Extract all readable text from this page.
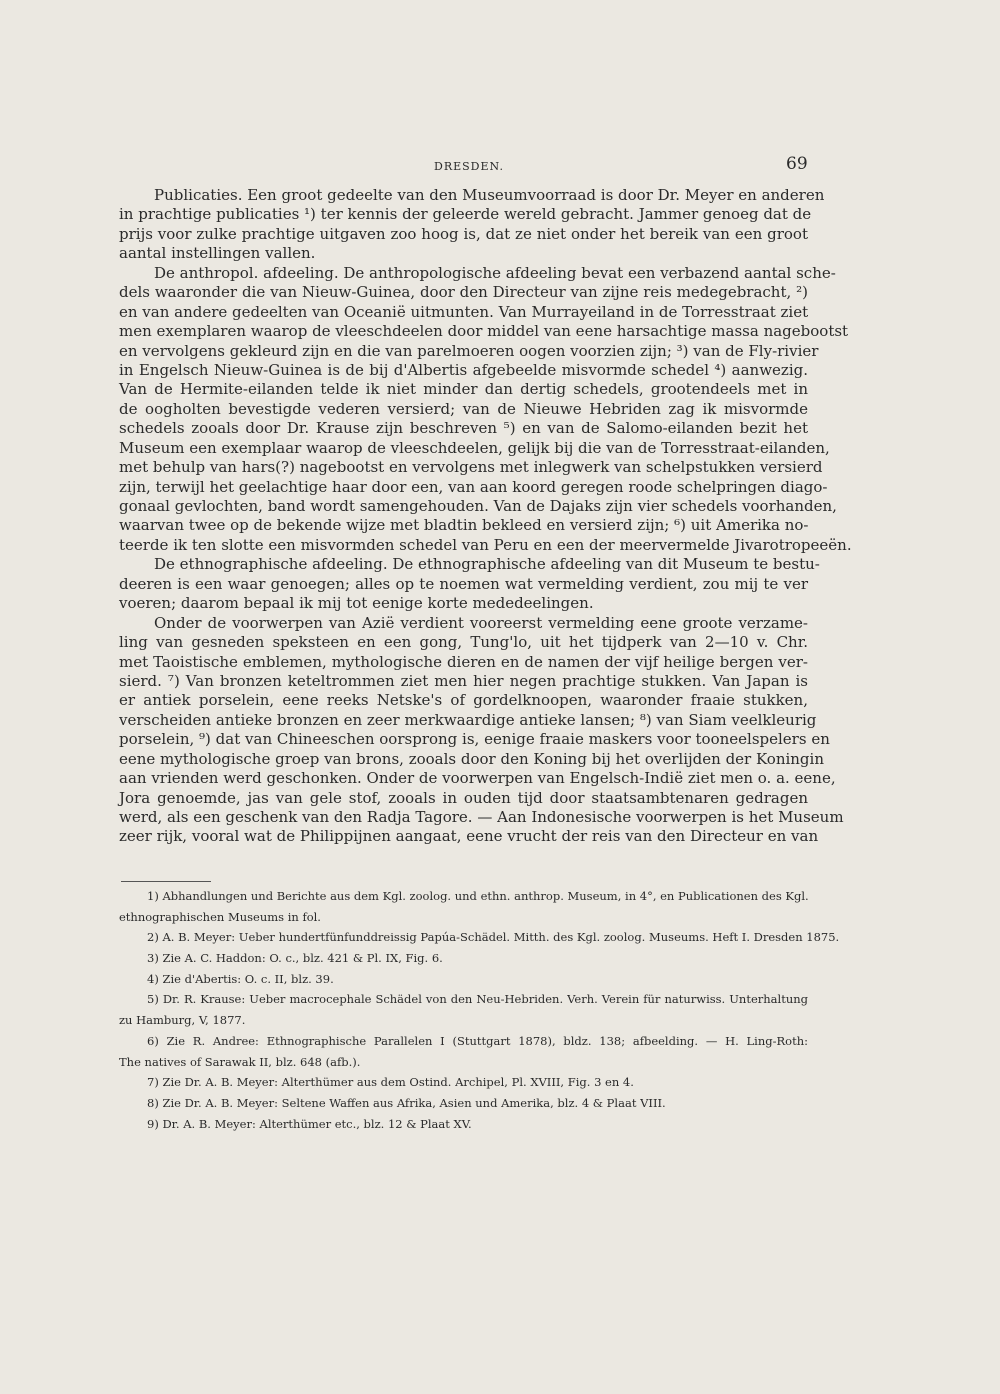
DRESDEN.	69
Publicaties. Een groot gedeelte van den Museumvoorraad is door Dr. Meyer en anderen
in prachtige publicaties ¹) ter kennis der geleerde wereld gebracht. Jammer genoeg dat de
prijs voor zulke prachtige uitgaven zoo hoog is, dat ze niet onder het bereik van een groot
aantal instellingen vallen.
De anthropol. afdeeling. De anthropologische afdeeling bevat een verbazend aantal sche-
dels waaronder die van Nieuw-Guinea, door den Directeur van zijne reis medegebracht, ²)
en van andere gedeelten van Oceanië uitmunten. Van Murrayeiland in de Torresstraat ziet
men exemplaren waarop de vleeschdeelen door middel van eene harsachtige massa nagebootst
en vervolgens gekleurd zijn en die van parelmoeren oogen voorzien zijn; ³) van de Fly-rivier
in Engelsch Nieuw-Guinea is de bij d'Albertis afgebeelde misvormde schedel ⁴) aanwezig.
Van de Hermite-eilanden telde ik niet minder dan dertig schedels, grootendeels met in
de oogholten bevestigde vederen versierd; van de Nieuwe Hebriden zag ik misvormde
schedels zooals door Dr. Krause zijn beschreven ⁵) en van de Salomo-eilanden bezit het
Museum een exemplaar waarop de vleeschdeelen, gelijk bij die van de Torresstraat-eilanden,
met behulp van hars(?) nagebootst en vervolgens met inlegwerk van schelpstukken versierd
zijn, terwijl het geelachtige haar door een, van aan koord geregen roode schelpringen diago-
gonaal gevlochten, band wordt samengehouden. Van de Dajaks zijn vier schedels voorhanden,
waarvan twee op de bekende wijze met bladtin bekleed en versierd zijn; ⁶) uit Amerika no-
teerde ik ten slotte een misvormden schedel van Peru en een der meervermelde Jivarotropeeën.
De ethnographische afdeeling. De ethnographische afdeeling van dit Museum te bestu-
deeren is een waar genoegen; alles op te noemen wat vermelding verdient, zou mij te ver
voeren; daarom bepaal ik mij tot eenige korte mededeelingen.
Onder de voorwerpen van Azië verdient vooreerst vermelding eene groote verzame-
ling van gesneden speksteen en een gong, Tung'lo, uit het tijdperk van 2—10 v. Chr.
met Taoistische emblemen, mythologische dieren en de namen der vijf heilige bergen ver-
sierd. ⁷) Van bronzen keteltrommen ziet men hier negen prachtige stukken. Van Japan is
er antiek porselein, eene reeks Netske's of gordelknoopen, waaronder fraaie stukken,
verscheiden antieke bronzen en zeer merkwaardige antieke lansen; ⁸) van Siam veelkleurig
porselein, ⁹) dat van Chineeschen oorsprong is, eenige fraaie maskers voor tooneelspelers en
eene mythologische groep van brons, zooals door den Koning bij het overlijden der Koningin
aan vrienden werd geschonken. Onder de voorwerpen van Engelsch-Indië ziet men o. a. eene,
Jora genoemde, jas van gele stof, zooals in ouden tijd door staatsambtenaren gedragen
werd, als een geschenk van den Radja Tagore. — Aan Indonesische voorwerpen is het Museum
zeer rijk, vooral wat de Philippijnen aangaat, eene vrucht der reis van den Directeur en van
1) Abhandlungen und Berichte aus dem Kgl. zoolog. und ethn. anthrop. Museum, in 4°, en Publicationen des Kgl.
ethnographischen Museums in fol.
2) A. B. Meyer: Ueber hundertfünfunddreissig Papúa-Schädel. Mitth. des Kgl. zoolog. Museums. Heft I. Dresden 1875.
3) Zie A. C. Haddon: O. c., blz. 421 & Pl. IX, Fig. 6.
4) Zie d'Abertis: O. c. II, blz. 39.
5) Dr. R. Krause: Ueber macrocephale Schädel von den Neu-Hebriden. Verh. Verein für naturwiss. Unterhaltung
zu Hamburg, V, 1877.
6) Zie R. Andree: Ethnographische Parallelen I (Stuttgart 1878), bldz. 138; afbeelding. — H. Ling-Roth:
The natives of Sarawak II, blz. 648 (afb.).
7) Zie Dr. A. B. Meyer: Alterthümer aus dem Ostind. Archipel, Pl. XVIII, Fig. 3 en 4.
8) Zie Dr. A. B. Meyer: Seltene Waffen aus Afrika, Asien und Amerika, blz. 4 & Plaat VIII.
9) Dr. A. B. Meyer: Alterthümer etc., blz. 12 & Plaat XV.
